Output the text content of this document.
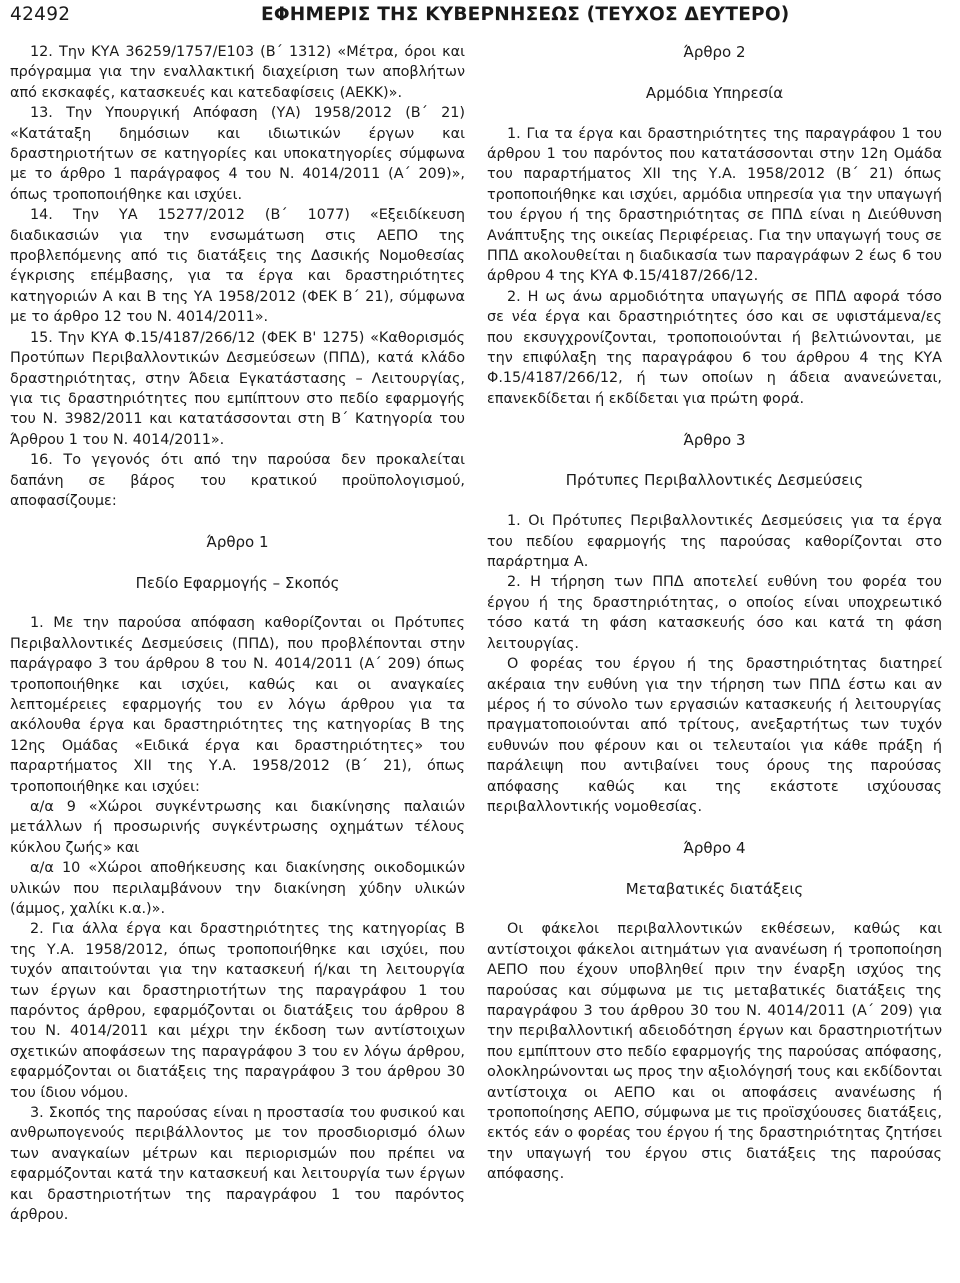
42492	ΕΦΗΜΕΡΙΣ ΤΗΣ ΚΥΒΕΡΝΗΣΕΩΣ (ΤΕΥΧΟΣ ΔΕΥΤΕΡΟ)

12. Την ΚΥΑ 36259/1757/Ε103 (Β΄ 1312) «Μέτρα, όροι και πρόγραμμα για την εναλλακτική διαχείριση των αποβλήτων από εκσκαφές, κατασκευές και κατεδαφίσεις (ΑΕΚΚ)».

13. Την Υπουργική Απόφαση (ΥΑ) 1958/2012 (Β΄ 21) «Κατάταξη δημόσιων και ιδιωτικών έργων και δραστηριοτήτων σε κατηγορίες και υποκατηγορίες σύμφωνα με το άρθρο 1 παράγραφος 4 του Ν. 4014/2011 (Α΄ 209)», όπως τροποποιήθηκε και ισχύει.

14. Την ΥΑ 15277/2012 (Β΄ 1077) «Εξειδίκευση διαδικασιών για την ενσωμάτωση στις ΑΕΠΟ της προβλεπόμενης από τις διατάξεις της Δασικής Νομοθεσίας έγκρισης επέμβασης, για τα έργα και δραστηριότητες κατηγοριών Α και Β της ΥΑ 1958/2012 (ΦΕΚ Β΄ 21), σύμφωνα με το άρθρο 12 του Ν. 4014/2011».

15. Την ΚΥΑ Φ.15/4187/266/12 (ΦΕΚ Β' 1275) «Καθορισμός Προτύπων Περιβαλλοντικών Δεσμεύσεων (ΠΠΔ), κατά κλάδο δραστηριότητας, στην Άδεια Εγκατάστασης – Λειτουργίας, για τις δραστηριότητες που εμπίπτουν στο πεδίο εφαρμογής του Ν. 3982/2011 και κατατάσσονται στη Β΄ Κατηγορία του Άρθρου 1 του Ν. 4014/2011».

16. Το γεγονός ότι από την παρούσα δεν προκαλείται δαπάνη σε βάρος του κρατικού προϋπολογισμού, αποφασίζουμε:

Άρθρο 1

Πεδίο Εφαρμογής – Σκοπός

1. Με την παρούσα απόφαση καθορίζονται οι Πρότυπες Περιβαλλοντικές Δεσμεύσεις (ΠΠΔ), που προβλέπονται στην παράγραφο 3 του άρθρου 8 του Ν. 4014/2011 (Α΄ 209) όπως τροποποιήθηκε και ισχύει, καθώς και οι αναγκαίες λεπτομέρειες εφαρμογής του εν λόγω άρθρου για τα ακόλουθα έργα και δραστηριότητες της κατηγορίας Β της 12ης Ομάδας «Ειδικά έργα και δραστηριότητες» του παραρτήματος XII της Υ.Α. 1958/2012 (Β΄ 21), όπως τροποποιήθηκε και ισχύει:

α/α 9 «Χώροι συγκέντρωσης και διακίνησης παλαιών μετάλλων ή προσωρινής συγκέντρωσης οχημάτων τέλους κύκλου ζωής» και

α/α 10 «Χώροι αποθήκευσης και διακίνησης οικοδομικών υλικών που περιλαμβάνουν την διακίνηση χύδην υλικών (άμμος, χαλίκι κ.α.)».

2. Για άλλα έργα και δραστηριότητες της κατηγορίας Β της Υ.Α. 1958/2012, όπως τροποποιήθηκε και ισχύει, που τυχόν απαιτούνται για την κατασκευή ή/και τη λειτουργία των έργων και δραστηριοτήτων της παραγράφου 1 του παρόντος άρθρου, εφαρμόζονται οι διατάξεις του άρθρου 8 του Ν. 4014/2011 και μέχρι την έκδοση των αντίστοιχων σχετικών αποφάσεων της παραγράφου 3 του εν λόγω άρθρου, εφαρμόζονται οι διατάξεις της παραγράφου 3 του άρθρου 30 του ίδιου νόμου.

3. Σκοπός της παρούσας είναι η προστασία του φυσικού και ανθρωπογενούς περιβάλλοντος με τον προσδιορισμό όλων των αναγκαίων μέτρων και περιορισμών που πρέπει να εφαρμόζονται κατά την κατασκευή και λειτουργία των έργων και δραστηριοτήτων της παραγράφου 1 του παρόντος άρθρου.

Άρθρο 2

Αρμόδια Υπηρεσία

1. Για τα έργα και δραστηριότητες της παραγράφου 1 του άρθρου 1 του παρόντος που κατατάσσονται στην 12η Ομάδα του παραρτήματος XII της Υ.Α. 1958/2012 (Β΄ 21) όπως τροποποιήθηκε και ισχύει, αρμόδια υπηρεσία για την υπαγωγή του έργου ή της δραστηριότητας σε ΠΠΔ είναι η Διεύθυνση Ανάπτυξης της οικείας Περιφέρειας. Για την υπαγωγή τους σε ΠΠΔ ακολουθείται η διαδικασία των παραγράφων 2 έως 6 του άρθρου 4 της ΚΥΑ Φ.15/4187/266/12.

2. Η ως άνω αρμοδιότητα υπαγωγής σε ΠΠΔ αφορά τόσο σε νέα έργα και δραστηριότητες όσο και σε υφιστάμενα/ες που εκσυγχρονίζονται, τροποποιούνται ή βελτιώνονται, με την επιφύλαξη της παραγράφου 6 του άρθρου 4 της ΚΥΑ Φ.15/4187/266/12, ή των οποίων η άδεια ανανεώνεται, επανεκδίδεται ή εκδίδεται για πρώτη φορά.

Άρθρο 3

Πρότυπες Περιβαλλοντικές Δεσμεύσεις

1. Οι Πρότυπες Περιβαλλοντικές Δεσμεύσεις για τα έργα του πεδίου εφαρμογής της παρούσας καθορίζονται στο παράρτημα Α.

2. Η τήρηση των ΠΠΔ αποτελεί ευθύνη του φορέα του έργου ή της δραστηριότητας, ο οποίος είναι υποχρεωτικό τόσο κατά τη φάση κατασκευής όσο και κατά τη φάση λειτουργίας.

Ο φορέας του έργου ή της δραστηριότητας διατηρεί ακέραια την ευθύνη για την τήρηση των ΠΠΔ έστω και αν μέρος ή το σύνολο των εργασιών κατασκευής ή λειτουργίας πραγματοποιούνται από τρίτους, ανεξαρτήτως των τυχόν ευθυνών που φέρουν και οι τελευταίοι για κάθε πράξη ή παράλειψη που αντιβαίνει τους όρους της παρούσας απόφασης καθώς και της εκάστοτε ισχύουσας περιβαλλοντικής νομοθεσίας.

Άρθρο 4

Μεταβατικές διατάξεις

Οι φάκελοι περιβαλλοντικών εκθέσεων, καθώς και αντίστοιχοι φάκελοι αιτημάτων για ανανέωση ή τροποποίηση ΑΕΠΟ που έχουν υποβληθεί πριν την έναρξη ισχύος της παρούσας και σύμφωνα με τις μεταβατικές διατάξεις της παραγράφου 3 του άρθρου 30 του Ν. 4014/2011 (Α΄ 209) για την περιβαλλοντική αδειοδότηση έργων και δραστηριοτήτων που εμπίπτουν στο πεδίο εφαρμογής της παρούσας απόφασης, ολοκληρώνονται ως προς την αξιολόγησή τους και εκδίδονται αντίστοιχα οι ΑΕΠΟ και οι αποφάσεις ανανέωσης ή τροποποίησης ΑΕΠΟ, σύμφωνα με τις προϊσχύουσες διατάξεις, εκτός εάν ο φορέας του έργου ή της δραστηριότητας ζητήσει την υπαγωγή του έργου στις διατάξεις της παρούσας απόφασης.
